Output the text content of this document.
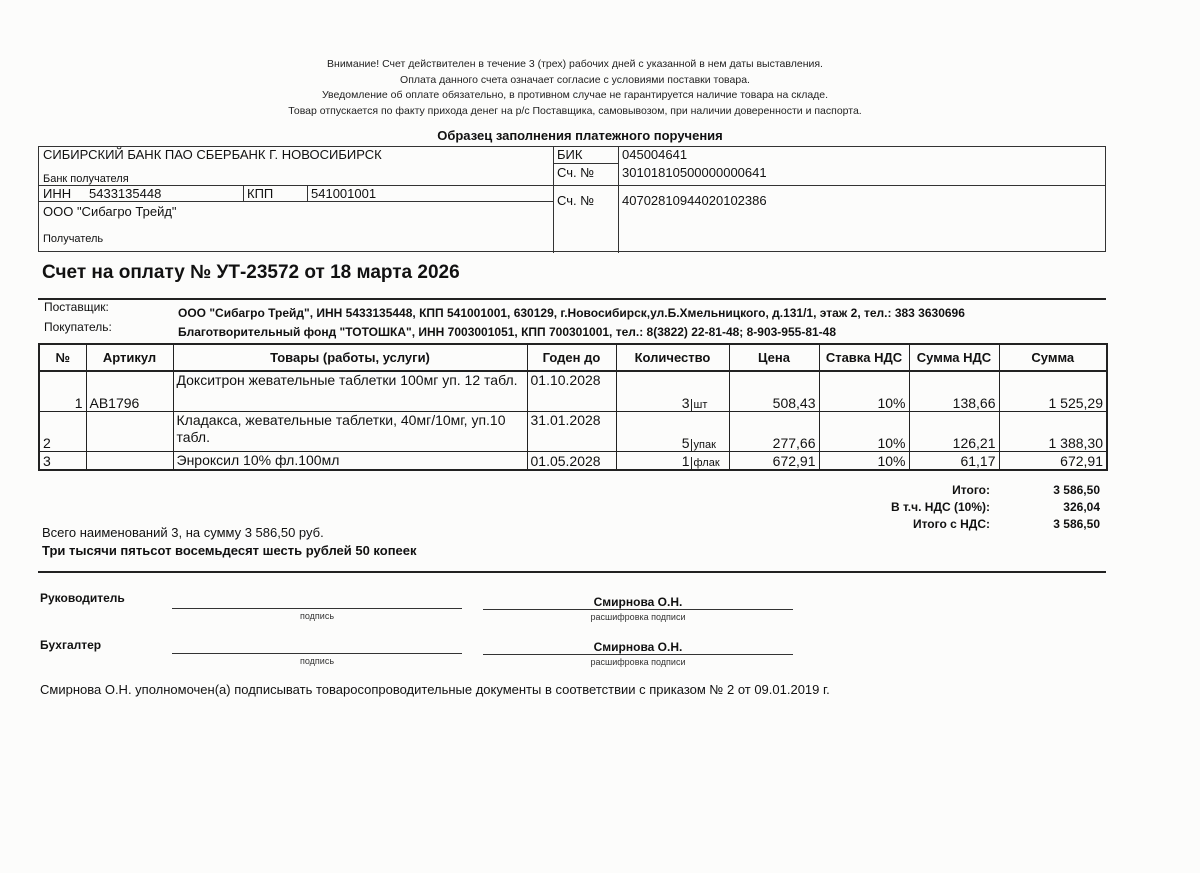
Внимание! Счет действителен в течение 3 (трех) рабочих дней с указанной в нем даты выставления.
Оплата данного счета означает согласие с условиями поставки товара.
Уведомление об оплате обязательно, в противном случае не гарантируется наличие товара на складе.
Товар отпускается по факту прихода денег на р/с Поставщика, самовывозом, при наличии доверенности и паспорта.
Образец заполнения платежного поручения
СИБИРСКИЙ БАНК ПАО СБЕРБАНК Г. НОВОСИБИРСК
Банк получателя
БИК	045004641
Сч. № 30101810500000000641
ИНН 5433135448	КПП	541001001	Сч. № 40702810944020102386
ООО "Сибагро Трейд"
Получатель
Счет на оплату № УТ-23572 от 18 марта 2026
Поставщик:	ООО "Сибагро Трейд", ИНН 5433135448, КПП 541001001, 630129, г.Новосибирск,ул.Б.Хмельницкого, д.131/1, этаж 2, тел.: 383 3630696
Покупатель:	Благотворительный фонд "ТОТОШКА", ИНН 7003001051, КПП 700301001, тел.: 8(3822) 22-81-48; 8-903-955-81-48
№	Артикул	Товары (работы, услуги)	Годен до	Количество	Цена	Ставка НДС	Сумма НДС	Сумма
1	AB1796	Докситрон жевательные таблетки 100мг уп. 12 табл.	01.10.2028	3 шт	508,43	10%	138,66	1 525,29
2		Кладакса, жевательные таблетки, 40мг/10мг, уп.10 табл.	31.01.2028	5 упак	277,66	10%	126,21	1 388,30
3		Энроксил 10% фл.100мл	01.05.2028	1 флак	672,91	10%	61,17	672,91
Итого:	3 586,50
В т.ч. НДС (10%):	326,04
Итого с НДС:	3 586,50
Всего наименований 3, на сумму 3 586,50 руб.
Три тысячи пятьсот восемьдесят шесть рублей 50 копеек
Руководитель
подпись
Смирнова О.Н.
расшифровка подписи
Бухгалтер
подпись
Смирнова О.Н.
расшифровка подписи
Смирнова О.Н. уполномочен(а) подписывать товаросопроводительные документы в соответствии с приказом № 2 от 09.01.2019 г.
